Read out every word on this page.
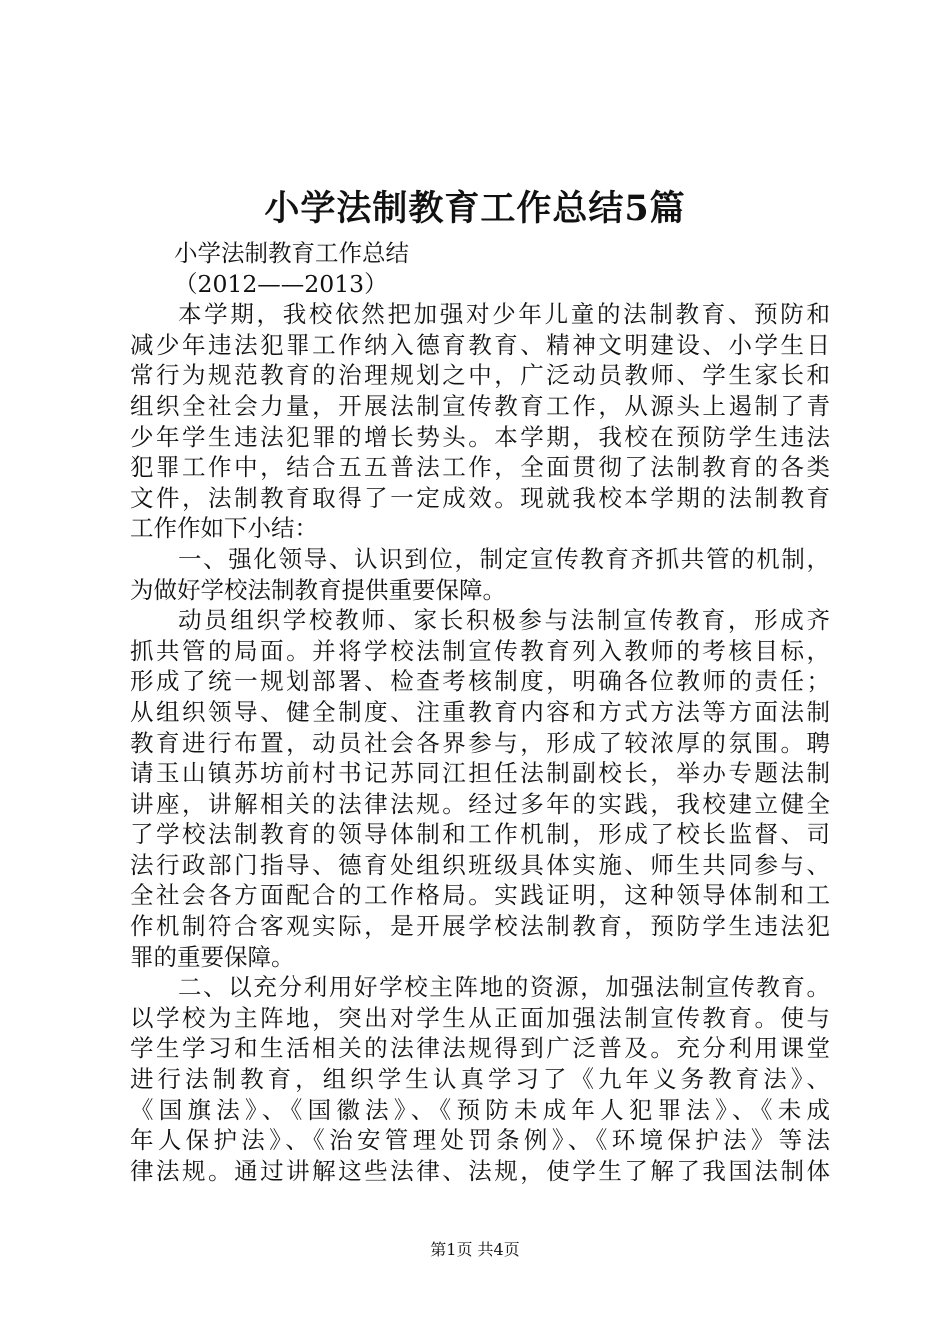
小学法制教育工作总结5篇
小学法制教育工作总结
（2012——2013）
本学期，我校依然把加强对少年儿童的法制教育、预防和
减少年违法犯罪工作纳入德育教育、精神文明建设、小学生日
常行为规范教育的治理规划之中，广泛动员教师、学生家长和
组织全社会力量，开展法制宣传教育工作，从源头上遏制了青
少年学生违法犯罪的增长势头。本学期，我校在预防学生违法
犯罪工作中，结合五五普法工作，全面贯彻了法制教育的各类
文件，法制教育取得了一定成效。现就我校本学期的法制教育
工作作如下小结：
一、强化领导、认识到位，制定宣传教育齐抓共管的机制，
为做好学校法制教育提供重要保障。
动员组织学校教师、家长积极参与法制宣传教育，形成齐
抓共管的局面。并将学校法制宣传教育列入教师的考核目标，
形成了统一规划部署、检查考核制度，明确各位教师的责任；
从组织领导、健全制度、注重教育内容和方式方法等方面法制
教育进行布置，动员社会各界参与，形成了较浓厚的氛围。聘
请玉山镇苏坊前村书记苏同江担任法制副校长，举办专题法制
讲座，讲解相关的法律法规。经过多年的实践，我校建立健全
了学校法制教育的领导体制和工作机制，形成了校长监督、司
法行政部门指导、德育处组织班级具体实施、师生共同参与、
全社会各方面配合的工作格局。实践证明，这种领导体制和工
作机制符合客观实际，是开展学校法制教育，预防学生违法犯
罪的重要保障。
二、以充分利用好学校主阵地的资源，加强法制宣传教育。
以学校为主阵地，突出对学生从正面加强法制宣传教育。使与
学生学习和生活相关的法律法规得到广泛普及。充分利用课堂
进行法制教育，组织学生认真学习了《九年义务教育法》、
《国旗法》、《国徽法》、《预防未成年人犯罪法》、《未成
年人保护法》、《治安管理处罚条例》、《环境保护法》等法
律法规。通过讲解这些法律、法规，使学生了解了我国法制体
第1页 共4页
